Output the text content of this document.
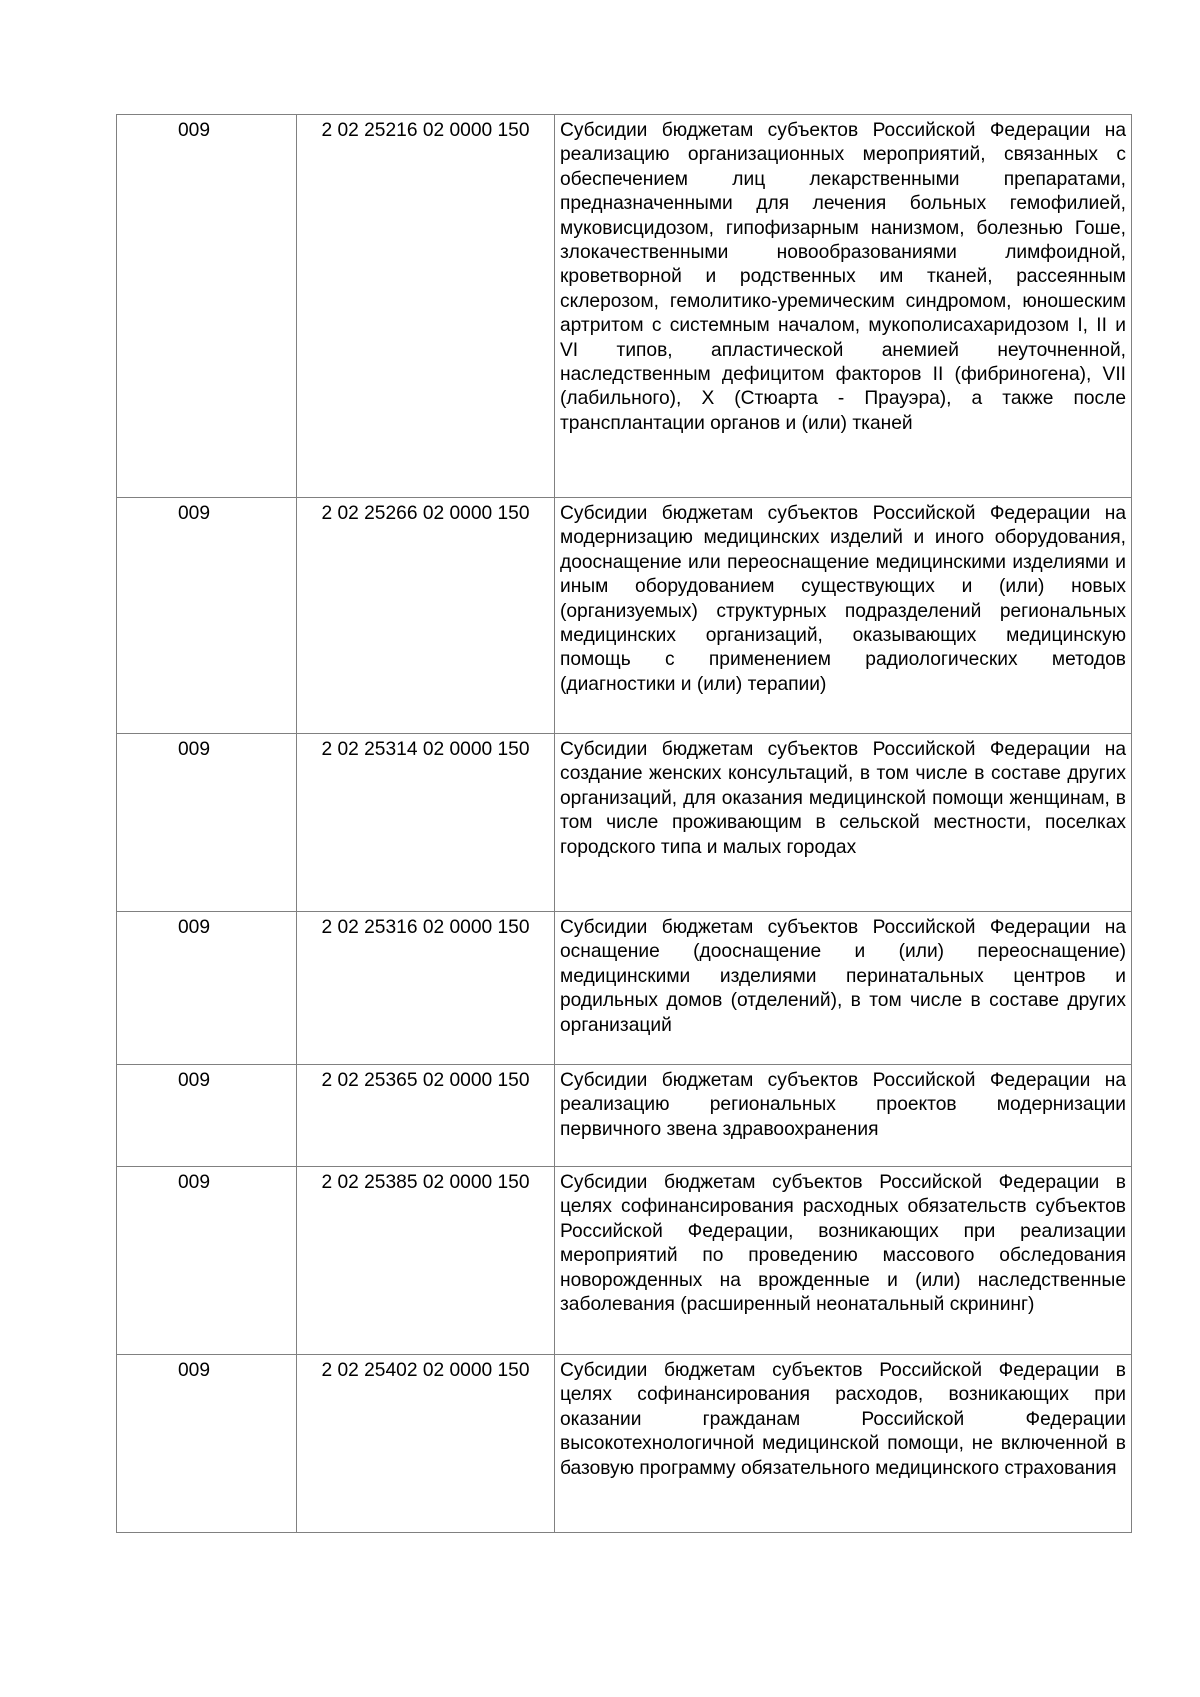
009	2 02 25216 02 0000 150	Субсидии бюджетам субъектов Российской Федерации на реализацию организационных мероприятий, связанных с обеспечением лиц лекарственными препаратами, предназначенными для лечения больных гемофилией, муковисцидозом, гипофизарным нанизмом, болезнью Гоше, злокачественными новообразованиями лимфоидной, кроветворной и родственных им тканей, рассеянным склерозом, гемолитико-уремическим синдромом, юношеским артритом с системным началом, мукополисахаридозом I, II и VI типов, апластической анемией неуточненной, наследственным дефицитом факторов II (фибриногена), VII (лабильного), X (Стюарта - Прауэра), а также после трансплантации органов и (или) тканей
009	2 02 25266 02 0000 150	Субсидии бюджетам субъектов Российской Федерации на модернизацию медицинских изделий и иного оборудования, дооснащение или переоснащение медицинскими изделиями и иным оборудованием существующих и (или) новых (организуемых) структурных подразделений региональных медицинских организаций, оказывающих медицинскую помощь с применением радиологических методов (диагностики и (или) терапии)
009	2 02 25314 02 0000 150	Субсидии бюджетам субъектов Российской Федерации на создание женских консультаций, в том числе в составе других организаций, для оказания медицинской помощи женщинам, в том числе проживающим в сельской местности, поселках городского типа и малых городах
009	2 02 25316 02 0000 150	Субсидии бюджетам субъектов Российской Федерации на оснащение (дооснащение и (или) переоснащение) медицинскими изделиями перинатальных центров и родильных домов (отделений), в том числе в составе других организаций
009	2 02 25365 02 0000 150	Субсидии бюджетам субъектов Российской Федерации на реализацию региональных проектов модернизации первичного звена здравоохранения
009	2 02 25385 02 0000 150	Субсидии бюджетам субъектов Российской Федерации в целях софинансирования расходных обязательств субъектов Российской Федерации, возникающих при реализации мероприятий по проведению массового обследования новорожденных на врожденные и (или) наследственные заболевания (расширенный неонатальный скрининг)
009	2 02 25402 02 0000 150	Субсидии бюджетам субъектов Российской Федерации в целях софинансирования расходов, возникающих при оказании гражданам Российской Федерации высокотехнологичной медицинской помощи, не включенной в базовую программу обязательного медицинского страхования
